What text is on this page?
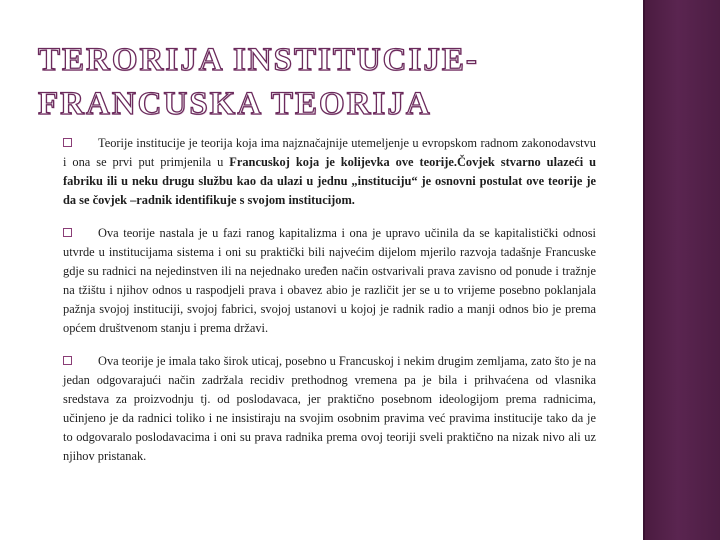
TERORIJA INSTITUCIJE-
FRANCUSKA TEORIJA

Teorije institucije je teorija koja ima najznačajnije utemeljenje u evropskom radnom zakonodavstvu i ona se prvi put primjenila u Francuskoj koja je kolijevka ove teorije.Čovjek stvarno ulazeći u fabriku ili u neku drugu službu kao da ulazi u jednu „instituciju“ je osnovni postulat ove teorije je da se čovjek –radnik identifikuje s svojom institucijom.

Ova teorije nastala je u fazi ranog kapitalizma i ona je upravo učinila da se kapitalistički odnosi utvrde u institucijama sistema i oni su praktički bili najvećim dijelom mjerilo razvoja tadašnje Francuske gdje su radnici na nejedinstven ili na nejednako uređen način ostvarivali prava zavisno od ponude i tražnje na tžištu i njihov odnos u raspodjeli prava i obavez abio je različit jer se u to vrijeme posebno poklanjala pažnja svojoj instituciji, svojoj fabrici, svojoj ustanovi u kojoj je radnik radio a manji odnos bio je prema općem društvenom stanju i prema državi.

Ova teorije je imala tako širok uticaj, posebno u Francuskoj i nekim drugim zemljama, zato što je na jedan odgovarajući način zadržala recidiv prethodnog vremena pa je bila i prihvaćena od vlasnika sredstava za proizvodnju tj. od poslodavaca, jer praktično posebnom ideologijom prema radnicima, učinjeno je da radnici toliko i ne insistiraju na svojim osobnim pravima već pravima institucije tako da je to odgovaralo poslodavacima i oni su prava radnika prema ovoj teoriji sveli praktično na nizak nivo ali uz njihov pristanak.
